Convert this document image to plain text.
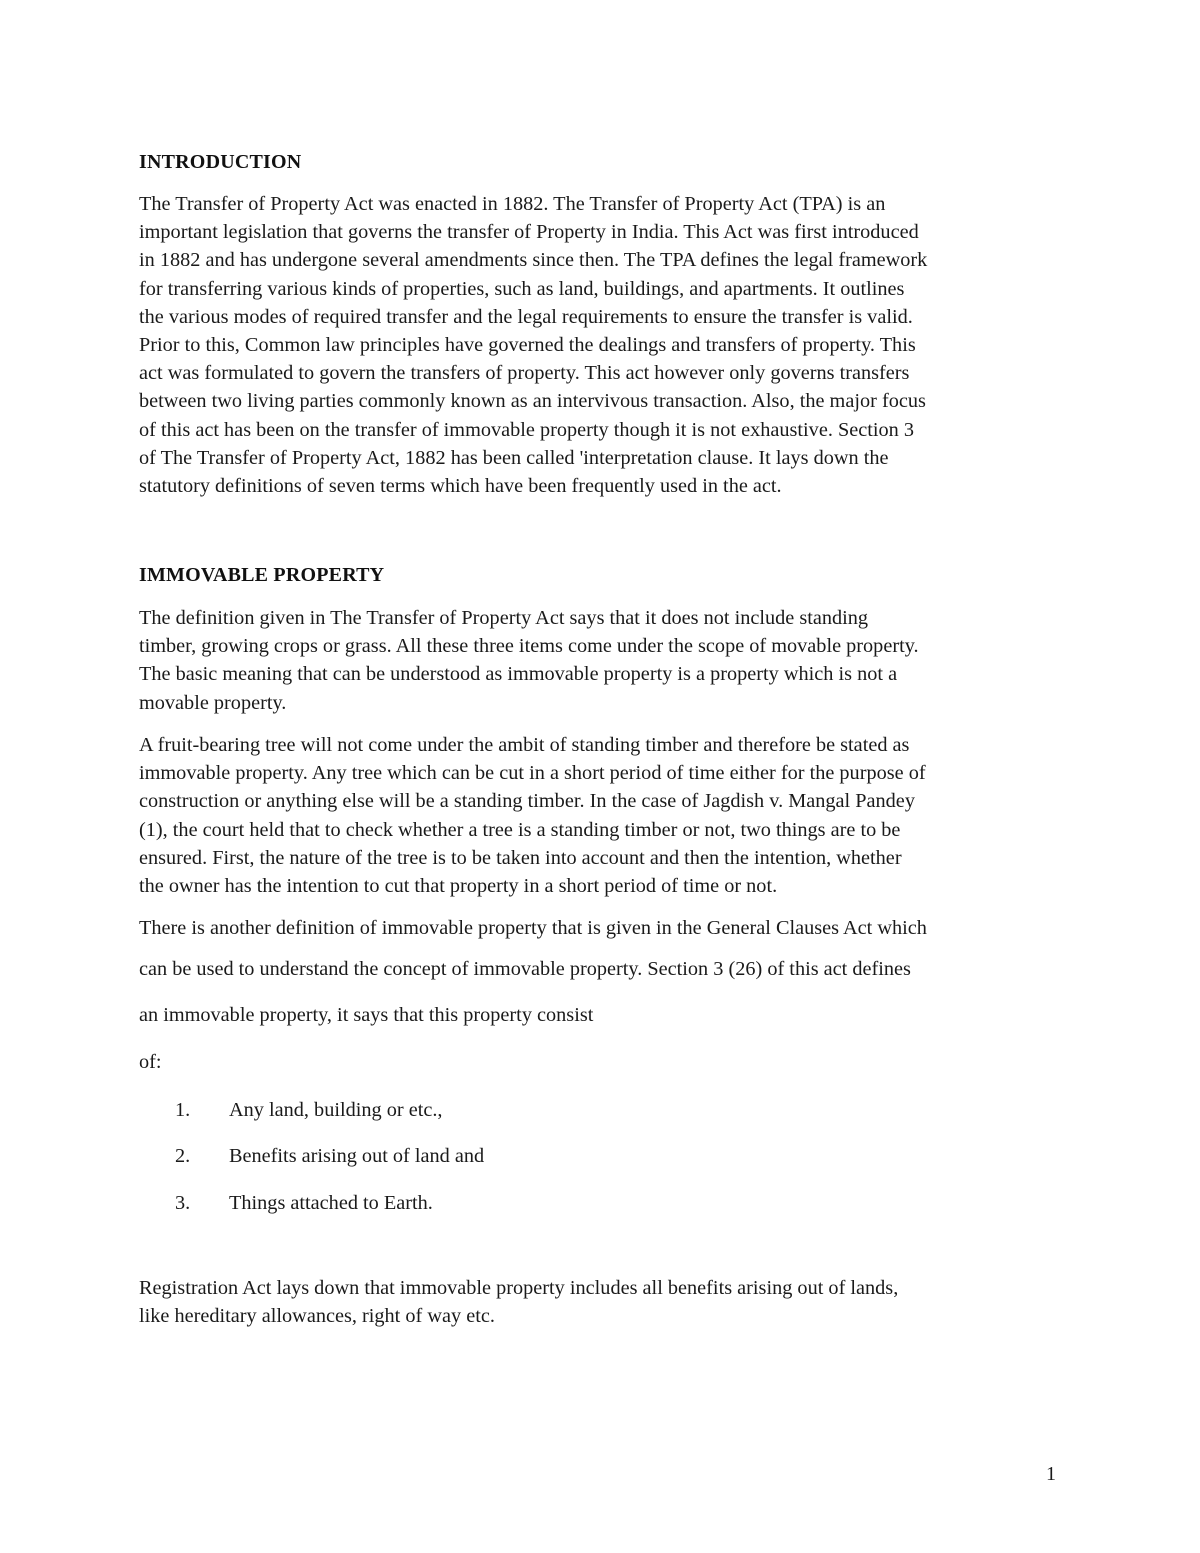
INTRODUCTION

The Transfer of Property Act was enacted in 1882. The Transfer of Property Act (TPA) is an
important legislation that governs the transfer of Property in India. This Act was first introduced
in 1882 and has undergone several amendments since then. The TPA defines the legal framework
for transferring various kinds of properties, such as land, buildings, and apartments. It outlines
the various modes of required transfer and the legal requirements to ensure the transfer is valid.
Prior to this, Common law principles have governed the dealings and transfers of property. This
act was formulated to govern the transfers of property. This act however only governs transfers
between two living parties commonly known as an intervivous transaction. Also, the major focus
of this act has been on the transfer of immovable property though it is not exhaustive. Section 3
of The Transfer of Property Act, 1882 has been called 'interpretation clause. It lays down the
statutory definitions of seven terms which have been frequently used in the act.

IMMOVABLE PROPERTY

The definition given in The Transfer of Property Act says that it does not include standing
timber, growing crops or grass. All these three items come under the scope of movable property.
The basic meaning that can be understood as immovable property is a property which is not a
movable property.

A fruit-bearing tree will not come under the ambit of standing timber and therefore be stated as
immovable property. Any tree which can be cut in a short period of time either for the purpose of
construction or anything else will be a standing timber. In the case of Jagdish v. Mangal Pandey
(1), the court held that to check whether a tree is a standing timber or not, two things are to be
ensured. First, the nature of the tree is to be taken into account and then the intention, whether
the owner has the intention to cut that property in a short period of time or not.

There is another definition of immovable property that is given in the General Clauses Act which

can be used to understand the concept of immovable property. Section 3 (26) of this act defines

an immovable property, it says that this property consist

of:

1. Any land, building or etc.,
2. Benefits arising out of land and
3. Things attached to Earth.

Registration Act lays down that immovable property includes all benefits arising out of lands,
like hereditary allowances, right of way etc.

1
